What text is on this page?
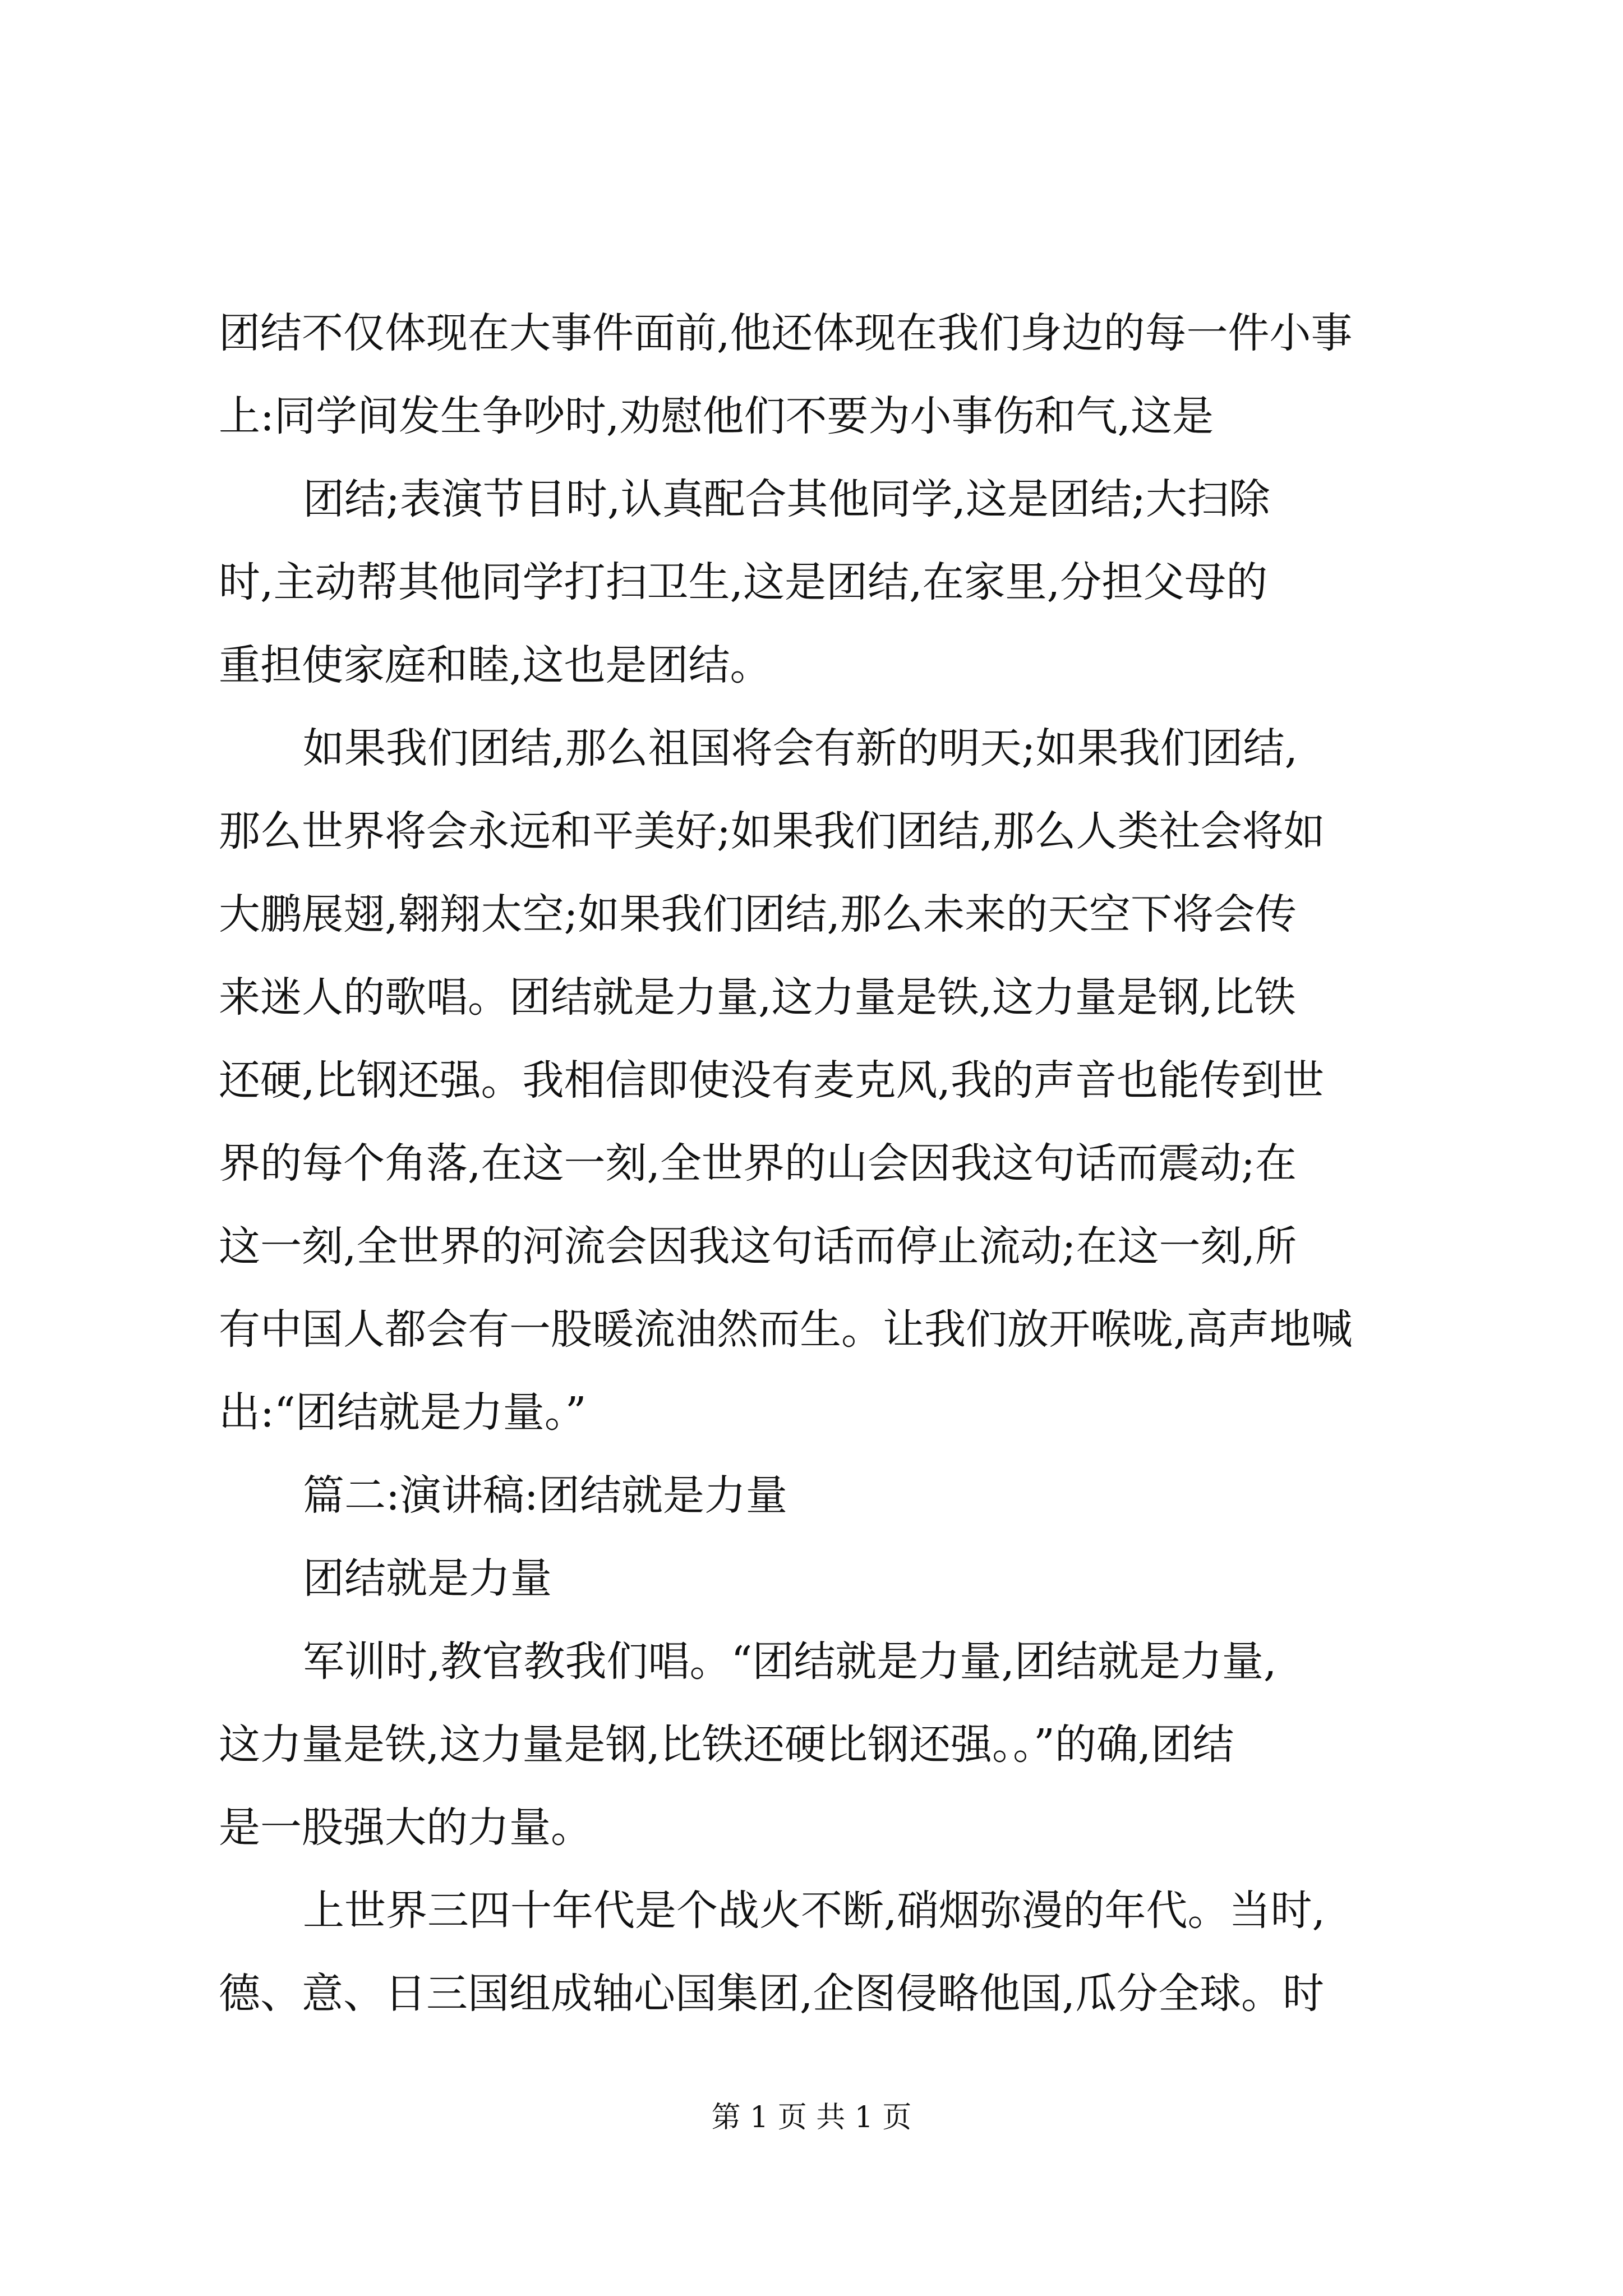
团结不仅体现在大事件面前,他还体现在我们身边的每一件小事
上:同学间发生争吵时,劝慰他们不要为小事伤和气,这是
团结;表演节目时,认真配合其他同学,这是团结;大扫除
时,主动帮其他同学打扫卫生,这是团结,在家里,分担父母的
重担使家庭和睦,这也是团结。
如果我们团结,那么祖国将会有新的明天;如果我们团结,
那么世界将会永远和平美好;如果我们团结,那么人类社会将如
大鹏展翅,翱翔太空;如果我们团结,那么未来的天空下将会传
来迷人的歌唱。团结就是力量,这力量是铁,这力量是钢,比铁
还硬,比钢还强。我相信即使没有麦克风,我的声音也能传到世
界的每个角落,在这一刻,全世界的山会因我这句话而震动;在
这一刻,全世界的河流会因我这句话而停止流动;在这一刻,所
有中国人都会有一股暖流油然而生。让我们放开喉咙,高声地喊
出:“团结就是力量。”
篇二:演讲稿:团结就是力量
团结就是力量
军训时,教官教我们唱。“团结就是力量,团结就是力量,
这力量是铁,这力量是钢,比铁还硬比钢还强。。”的确,团结
是一股强大的力量。
上世界三四十年代是个战火不断,硝烟弥漫的年代。当时,
德、意、日三国组成轴心国集团,企图侵略他国,瓜分全球。时
第 1 页 共 1 页
